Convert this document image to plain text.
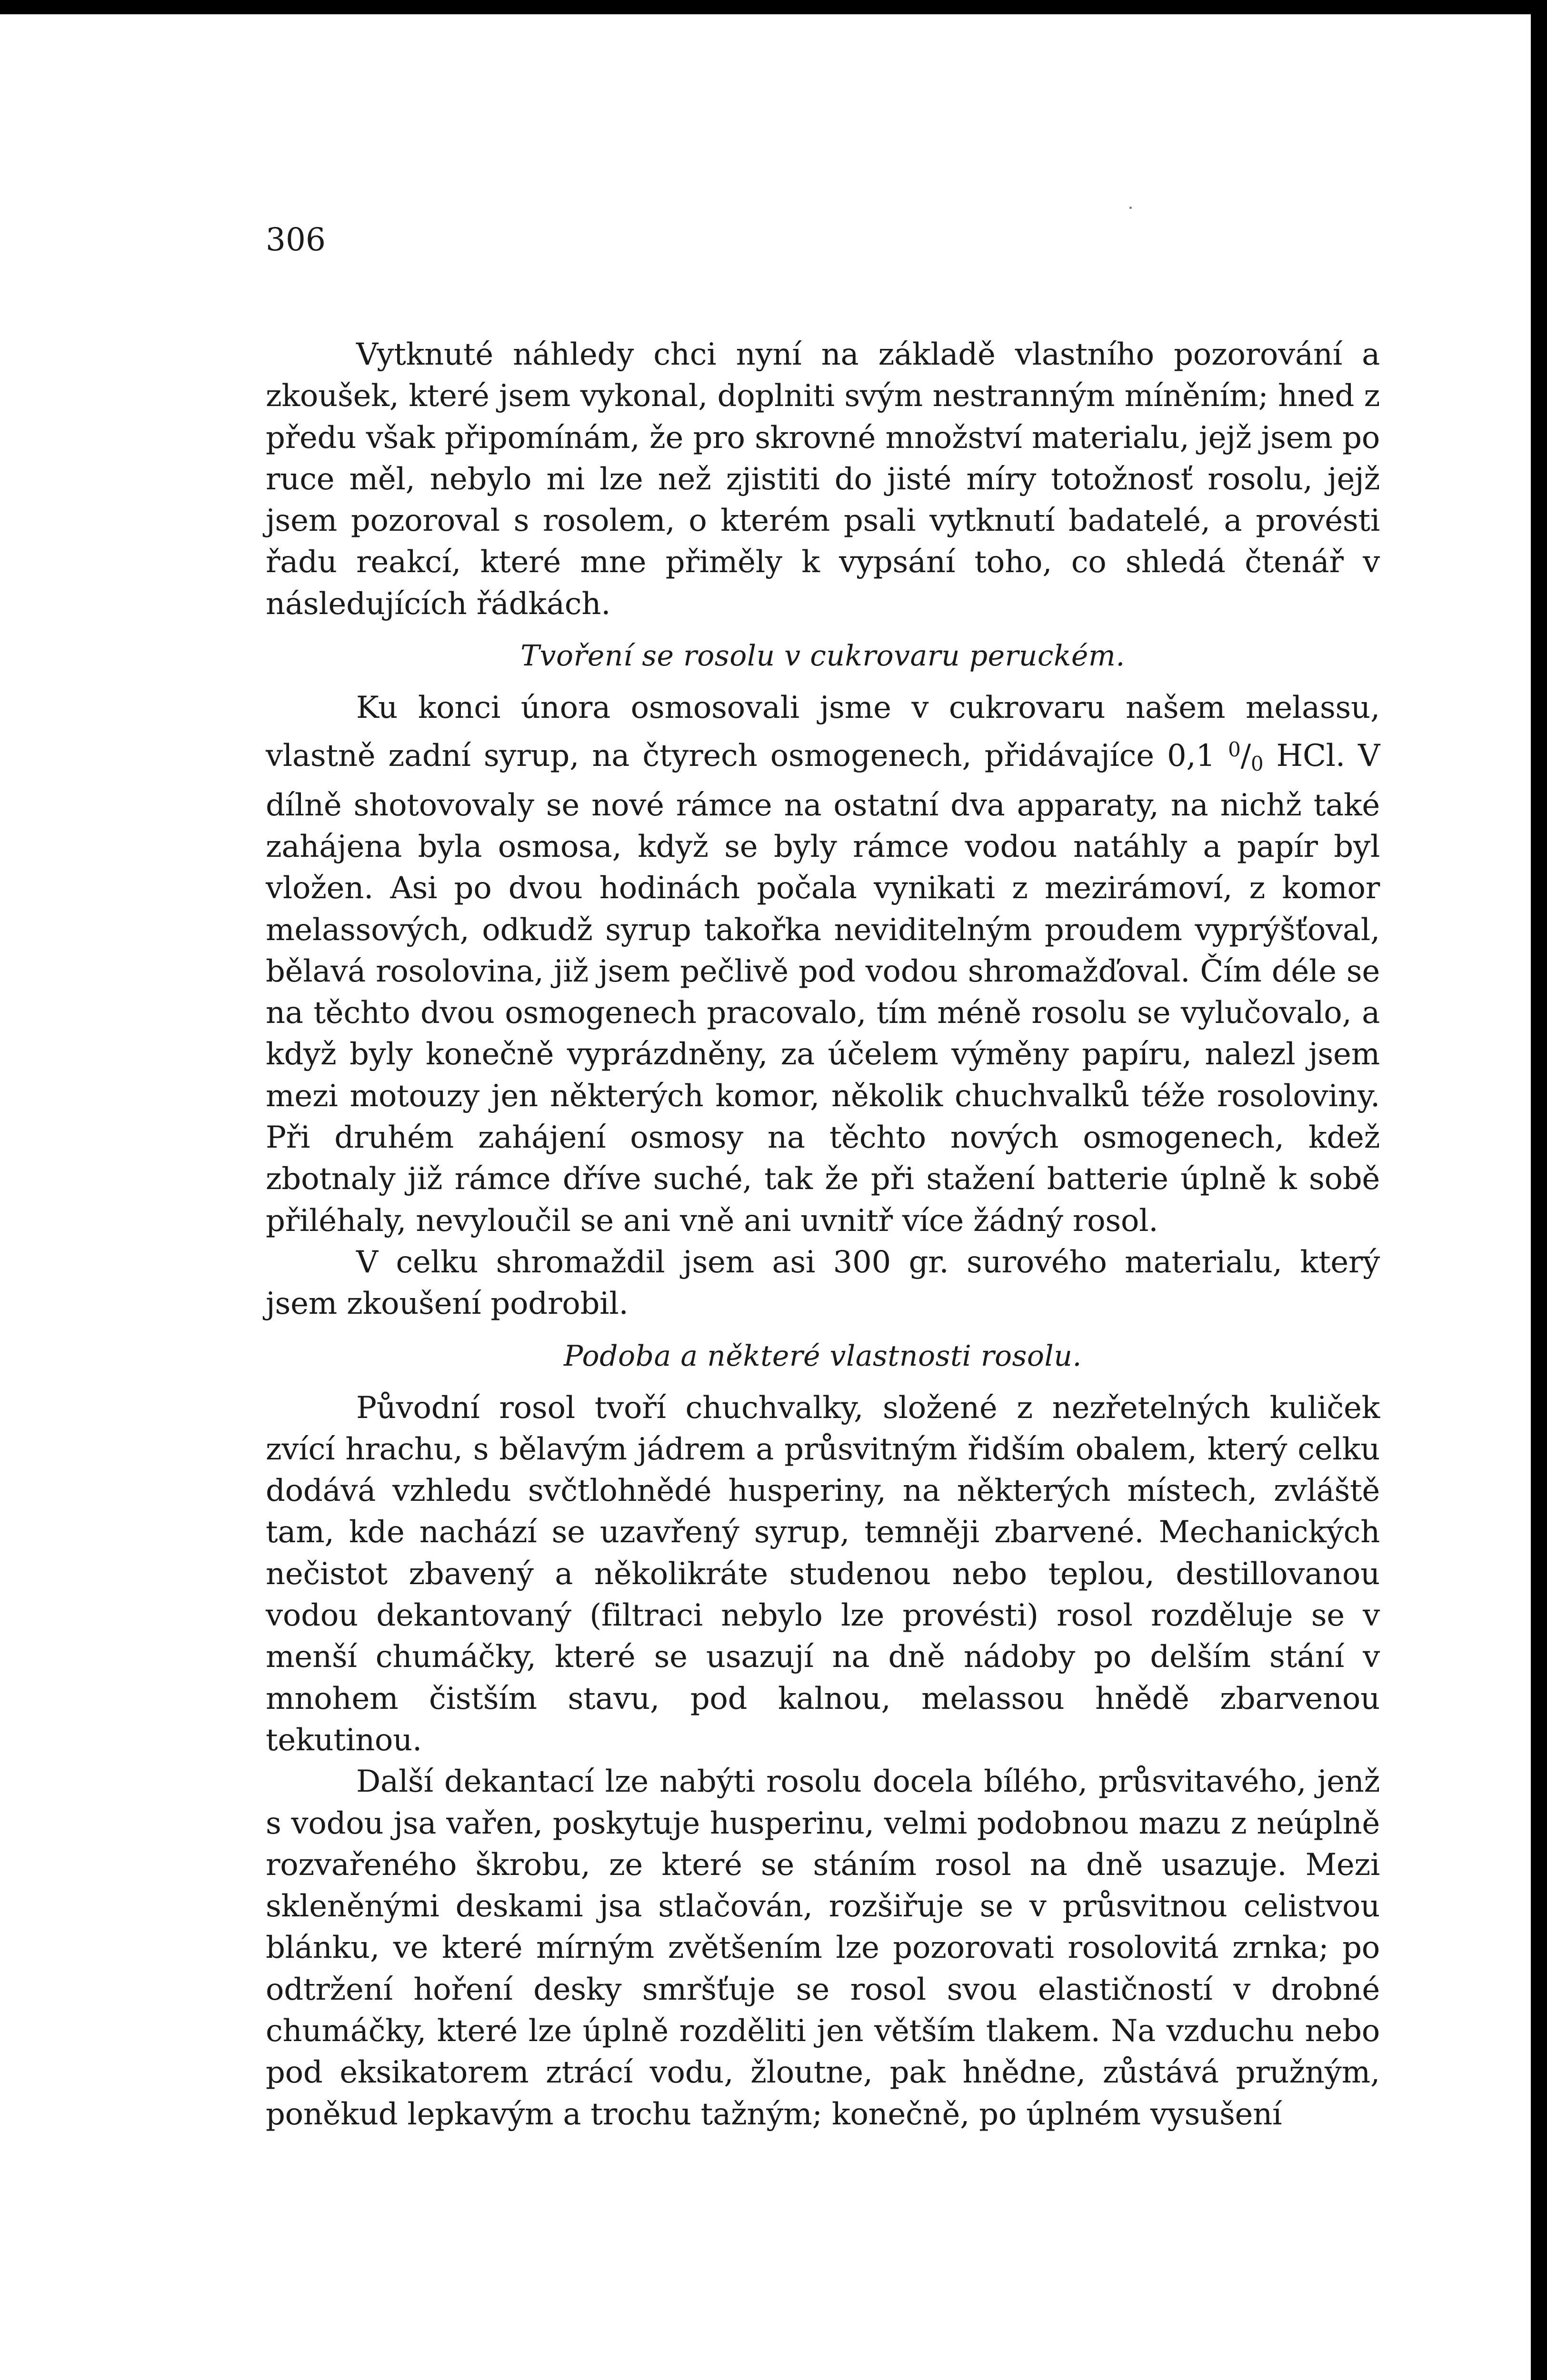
306

Vytknuté náhledy chci nyní na základě vlastního pozorování a zkoušek, které jsem vykonal, doplniti svým nestranným míněním; hned z předu však připomínám, že pro skrovné množství materialu, jejž jsem po ruce měl, nebylo mi lze než zjistiti do jisté míry totožnosť rosolu, jejž jsem pozoroval s rosolem, o kterém psali vytknutí badatelé, a provésti řadu reakcí, které mne přiměly k vypsání toho, co shledá čtenář v následujících řádkách.

Tvoření se rosolu v cukrovaru peruckém.

Ku konci února osmosovali jsme v cukrovaru našem melassu, vlastně zadní syrup, na čtyrech osmogenech, přidávajíce 0,1 $^0/_0$ HCl. V dílně shotovovaly se nové rámce na ostatní dva apparaty, na nichž také zahájena byla osmosa, když se byly rámce vodou natáhly a papír byl vložen. Asi po dvou hodinách počala vynikati z mezirámoví, z komor melassových, odkudž syrup takořka neviditelným proudem vyprýšťoval, bělavá rosolovina, již jsem pečlivě pod vodou shromažďoval. Čím déle se na těchto dvou osmogenech pracovalo, tím méně rosolu se vylučovalo, a když byly konečně vyprázdněny, za účelem výměny papíru, nalezl jsem mezi motouzy jen některých komor, několik chuchvalků téže rosoloviny. Při druhém zahájení osmosy na těchto nových osmogenech, kdež zbotnaly již rámce dříve suché, tak že při stažení batterie úplně k sobě přiléhaly, nevyloučil se ani vně ani uvnitř více žádný rosol.

V celku shromaždil jsem asi 300 gr. surového materialu, který jsem zkoušení podrobil.

Podoba a některé vlastnosti rosolu.

Původní rosol tvoří chuchvalky, složené z nezřetelných kuliček zvící hrachu, s bělavým jádrem a průsvitným řidším obalem, který celku dodává vzhledu svčtlohnědé husperiny, na některých místech, zvláště tam, kde nachází se uzavřený syrup, temněji zbarvené. Mechanických nečistot zbavený a několikráte studenou nebo teplou, destillovanou vodou dekantovaný (filtraci nebylo lze provésti) rosol rozděluje se v menší chumáčky, které se usazují na dně nádoby po delším stání v mnohem čistším stavu, pod kalnou, melassou hnědě zbarvenou tekutinou.

Další dekantací lze nabýti rosolu docela bílého, průsvitavého, jenž s vodou jsa vařen, poskytuje husperinu, velmi podobnou mazu z neúplně rozvařeného škrobu, ze které se stáním rosol na dně usazuje. Mezi skleněnými deskami jsa stlačován, rozšiřuje se v průsvitnou celistvou blánku, ve které mírným zvětšením lze pozorovati rosolovitá zrnka; po odtržení hoření desky smršťuje se rosol svou elastičností v drobné chumáčky, které lze úplně rozděliti jen větším tlakem. Na vzduchu nebo pod eksikatorem ztrácí vodu, žloutne, pak hnědne, zůstává pružným, poněkud lepkavým a trochu tažným; konečně, po úplném vysušení
